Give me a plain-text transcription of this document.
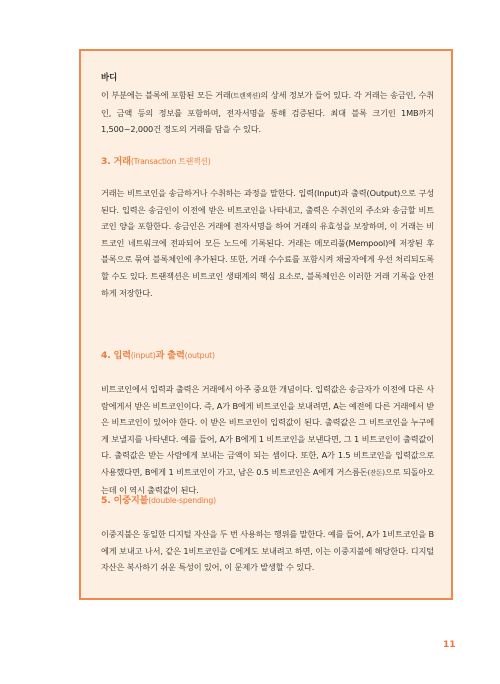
바디

이 부분에는 블록에 포함된 모든 거래(트랜잭션)의 상세 정보가 들어 있다. 각 거래는 송금인, 수취인, 금액 등의 정보를 포함하며, 전자서명을 통해 검증된다. 최대 블록 크기인 1MB까지 1,500~2,000건 정도의 거래를 담을 수 있다.

3. 거래(Transaction 트랜잭션)

거래는 비트코인을 송금하거나 수취하는 과정을 말한다. 입력(Input)과 출력(Output)으로 구성된다. 입력은 송금인이 이전에 받은 비트코인을 나타내고, 출력은 수취인의 주소와 송금할 비트코인 양을 포함한다. 송금인은 거래에 전자서명을 하여 거래의 유효성을 보장하며, 이 거래는 비트코인 네트워크에 전파되어 모든 노드에 기록된다. 거래는 메모리풀(Mempool)에 저장된 후 블록으로 묶여 블록체인에 추가된다. 또한, 거래 수수료를 포함시켜 채굴자에게 우선 처리되도록 할 수도 있다. 트랜잭션은 비트코인 생태계의 핵심 요소로, 블록체인은 이러한 거래 기록을 안전하게 저장한다.

4. 입력(input)과 출력(output)

비트코인에서 입력과 출력은 거래에서 아주 중요한 개념이다. 입력값은 송금자가 이전에 다른 사람에게서 받은 비트코인이다. 즉, A가 B에게 비트코인을 보내려면, A는 예전에 다른 거래에서 받은 비트코인이 있어야 한다. 이 받은 비트코인이 입력값이 된다. 출력값은 그 비트코인을 누구에게 보낼지를 나타낸다. 예를 들어, A가 B에게 1 비트코인을 보낸다면, 그 1 비트코인이 출력값이다. 출력값은 받는 사람에게 보내는 금액이 되는 셈이다. 또한, A가 1.5 비트코인을 입력값으로 사용했다면, B에게 1 비트코인이 가고, 남은 0.5 비트코인은 A에게 거스름돈(잔돈)으로 되돌아오는데 이 역시 출력값이 된다.

5. 이중지불(double-spending)

이중지불은 동일한 디지털 자산을 두 번 사용하는 행위를 말한다. 예를 들어, A가 1비트코인을 B에게 보내고 나서, 같은 1비트코인을 C에게도 보내려고 하면, 이는 이중지불에 해당한다. 디지털 자산은 복사하기 쉬운 특성이 있어, 이 문제가 발생할 수 있다.

11
